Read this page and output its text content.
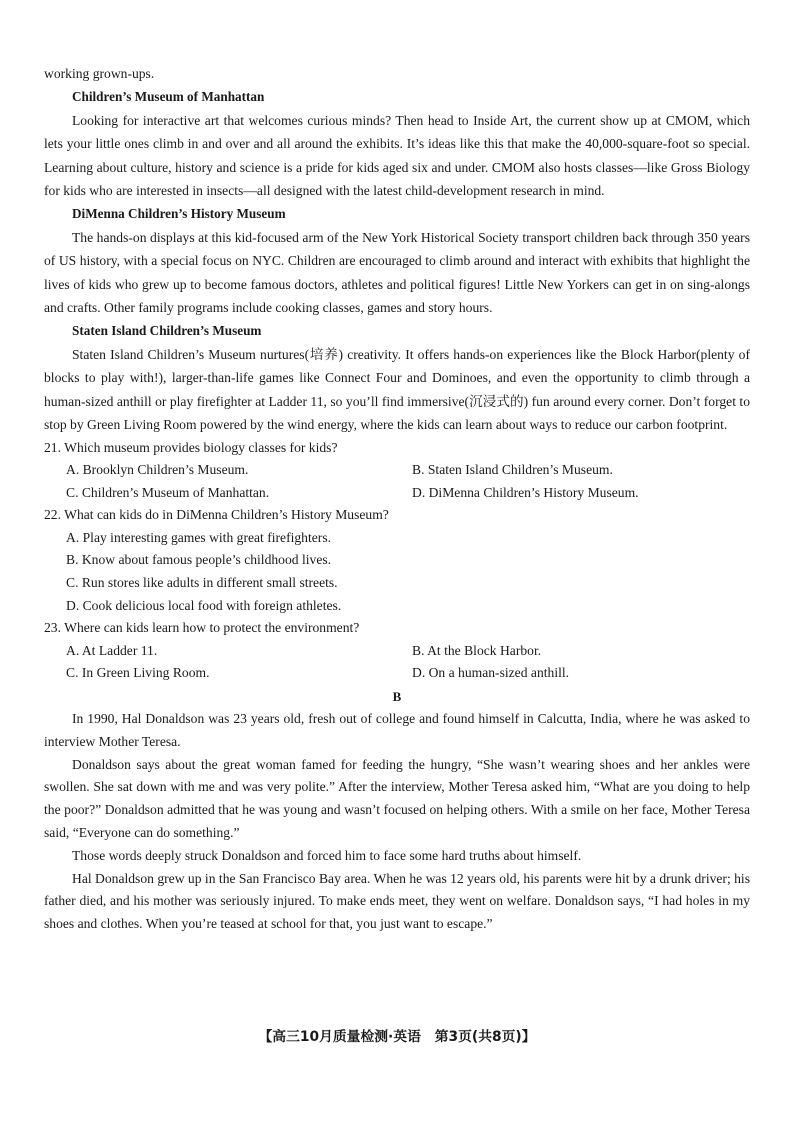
working grown-ups.

Children’s Museum of Manhattan

Looking for interactive art that welcomes curious minds? Then head to Inside Art, the current show up at CMOM, which lets your little ones climb in and over and all around the exhibits. It’s ideas like this that make the 40,000-square-foot so special. Learning about culture, history and science is a pride for kids aged six and under. CMOM also hosts classes—like Gross Biology for kids who are interested in insects—all designed with the latest child-development research in mind.

DiMenna Children’s History Museum

The hands-on displays at this kid-focused arm of the New York Historical Society transport children back through 350 years of US history, with a special focus on NYC. Children are encouraged to climb around and interact with exhibits that highlight the lives of kids who grew up to become famous doctors, athletes and political figures! Little New Yorkers can get in on sing-alongs and crafts. Other family programs include cooking classes, games and story hours.

Staten Island Children’s Museum

Staten Island Children’s Museum nurtures(培养) creativity. It offers hands-on experiences like the Block Harbor(plenty of blocks to play with!), larger-than-life games like Connect Four and Dominoes, and even the opportunity to climb through a human-sized anthill or play firefighter at Ladder 11, so you’ll find immersive(沉浸式的) fun around every corner. Don’t forget to stop by Green Living Room powered by the wind energy, where the kids can learn about ways to reduce our carbon footprint.

21. Which museum provides biology classes for kids?
A. Brooklyn Children’s Museum.	B. Staten Island Children’s Museum.
C. Children’s Museum of Manhattan.	D. DiMenna Children’s History Museum.
22. What can kids do in DiMenna Children’s History Museum?
A. Play interesting games with great firefighters.
B. Know about famous people’s childhood lives.
C. Run stores like adults in different small streets.
D. Cook delicious local food with foreign athletes.
23. Where can kids learn how to protect the environment?
A. At Ladder 11.	B. At the Block Harbor.
C. In Green Living Room.	D. On a human-sized anthill.
B

In 1990, Hal Donaldson was 23 years old, fresh out of college and found himself in Calcutta, India, where he was asked to interview Mother Teresa.

Donaldson says about the great woman famed for feeding the hungry, “She wasn’t wearing shoes and her ankles were swollen. She sat down with me and was very polite.” After the interview, Mother Teresa asked him, “What are you doing to help the poor?” Donaldson admitted that he was young and wasn’t focused on helping others. With a smile on her face, Mother Teresa said, “Everyone can do something.”

Those words deeply struck Donaldson and forced him to face some hard truths about himself.

Hal Donaldson grew up in the San Francisco Bay area. When he was 12 years old, his parents were hit by a drunk driver; his father died, and his mother was seriously injured. To make ends meet, they went on welfare. Donaldson says, “I had holes in my shoes and clothes. When you’re teased at school for that, you just want to escape.”

【高三10月质量检测·英语　第3页(共8页)】
